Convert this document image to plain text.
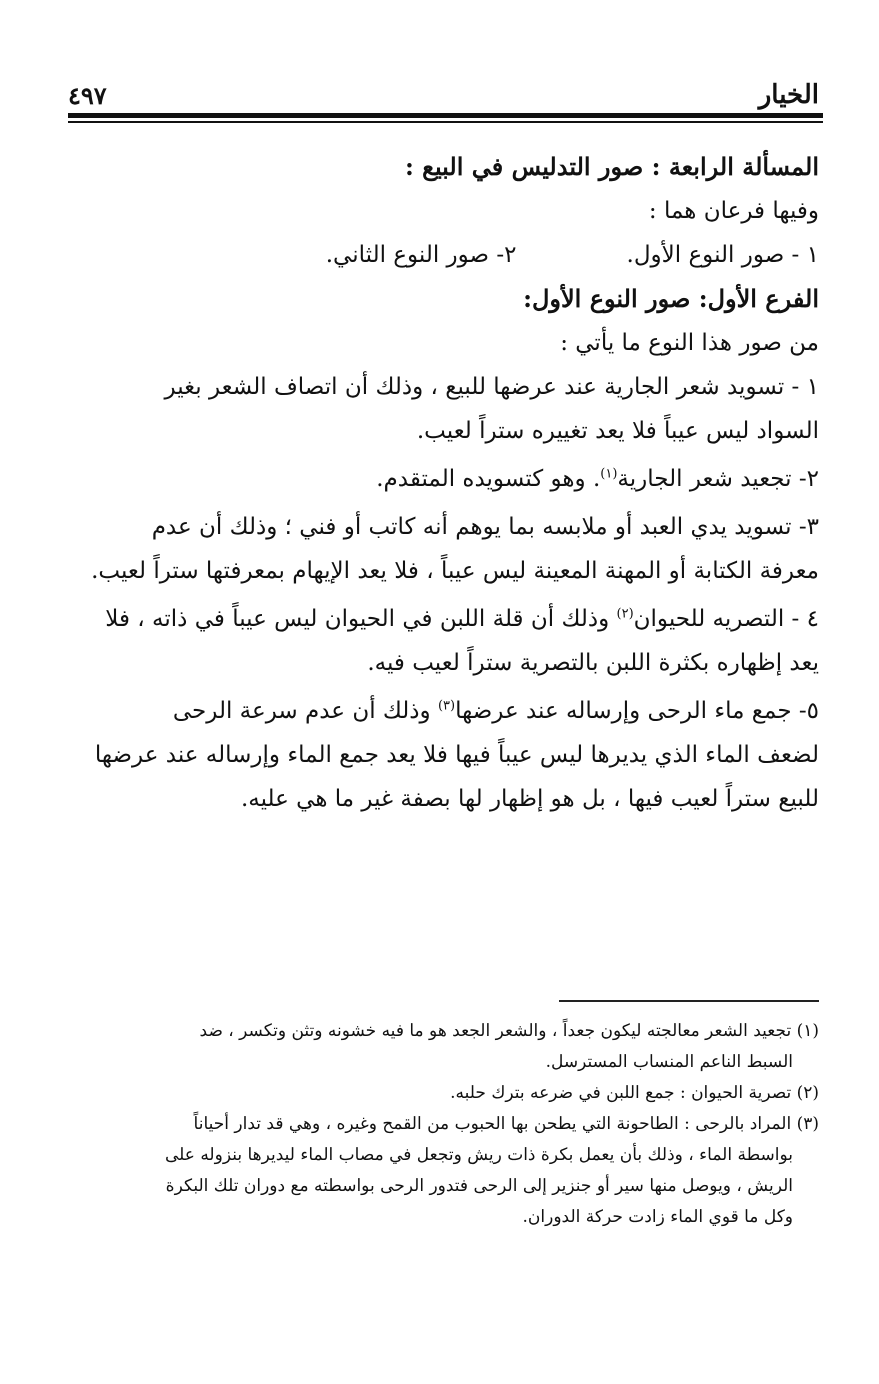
الخيار
٤٩٧
المسألة الرابعة : صور التدليس في البيع :
وفيها فرعان هما :
١ - صور النوع الأول.
٢- صور النوع الثاني.
الفرع الأول: صور النوع الأول:
من صور هذا النوع ما يأتي :
١ - تسويد شعر الجارية عند عرضها للبيع ، وذلك أن اتصاف الشعر بغير
السواد ليس عيباً فلا يعد تغييره ستراً لعيب.
٢- تجعيد شعر الجارية$^{(١)}$. وهو كتسويده المتقدم.
٣- تسويد يدي العبد أو ملابسه بما يوهم أنه كاتب أو فني ؛ وذلك أن عدم
معرفة الكتابة أو المهنة المعينة ليس عيباً ، فلا يعد الإيهام بمعرفتها ستراً لعيب.
٤ - التصريه للحيوان$^{(٢)}$ وذلك أن قلة اللبن في الحيوان ليس عيباً في ذاته ، فلا
يعد إظهاره بكثرة اللبن بالتصرية ستراً لعيب فيه.
٥- جمع ماء الرحى وإرساله عند عرضها$^{(٣)}$ وذلك أن عدم سرعة الرحى
لضعف الماء الذي يديرها ليس عيباً فيها فلا يعد جمع الماء وإرساله عند عرضها
للبيع ستراً لعيب فيها ، بل هو إظهار لها بصفة غير ما هي عليه.
(١) تجعيد الشعر معالجته ليكون جعداً ، والشعر الجعد هو ما فيه خشونه وتثن وتكسر ، ضد
السبط الناعم المنساب المسترسل.
(٢) تصرية الحيوان : جمع اللبن في ضرعه بترك حلبه.
(٣) المراد بالرحى : الطاحونة التي يطحن بها الحبوب من القمح وغيره ، وهي قد تدار أحياناً
بواسطة الماء ، وذلك بأن يعمل بكرة ذات ريش وتجعل في مصاب الماء ليديرها بنزوله على
الريش ، ويوصل منها سير أو جنزير إلى الرحى فتدور الرحى بواسطته مع دوران تلك البكرة
وكل ما قوي الماء زادت حركة الدوران.
